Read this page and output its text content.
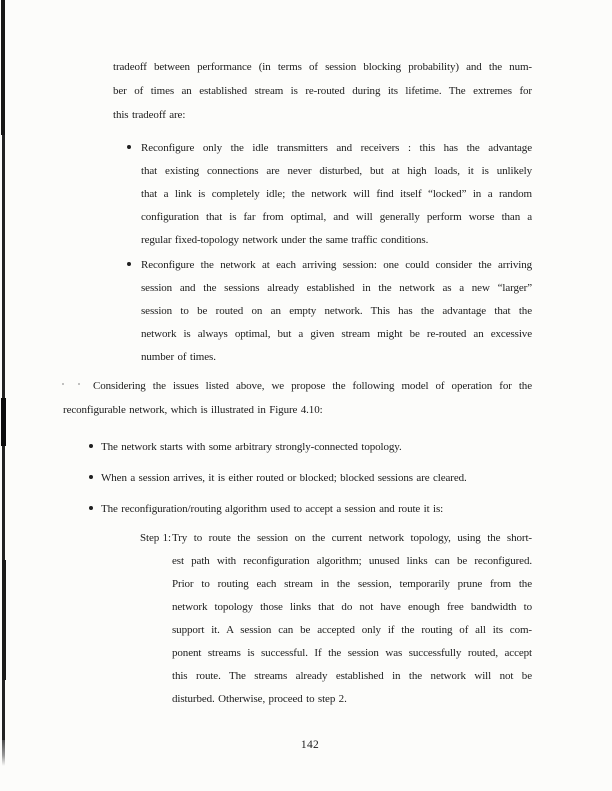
tradeoff between performance (in terms of session blocking probability) and the num-
ber of times an established stream is re-routed during its lifetime. The extremes for
this tradeoff are:
Reconfigure only the idle transmitters and receivers : this has the advantage
that existing connections are never disturbed, but at high loads, it is unlikely
that a link is completely idle; the network will find itself “locked” in a random
configuration that is far from optimal, and will generally perform worse than a
regular fixed-topology network under the same traffic conditions.
Reconfigure the network at each arriving session: one could consider the arriving
session and the sessions already established in the network as a new “larger”
session to be routed on an empty network. This has the advantage that the
network is always optimal, but a given stream might be re-routed an excessive
number of times.
Considering the issues listed above, we propose the following model of operation for the
reconfigurable network, which is illustrated in Figure 4.10:
The network starts with some arbitrary strongly-connected topology.
When a session arrives, it is either routed or blocked; blocked sessions are cleared.
The reconfiguration/routing algorithm used to accept a session and route it is:
Step 1: Try to route the session on the current network topology, using the short-
est path with reconfiguration algorithm; unused links can be reconfigured.
Prior to routing each stream in the session, temporarily prune from the
network topology those links that do not have enough free bandwidth to
support it. A session can be accepted only if the routing of all its com-
ponent streams is successful. If the session was successfully routed, accept
this route. The streams already established in the network will not be
disturbed. Otherwise, proceed to step 2.
142
